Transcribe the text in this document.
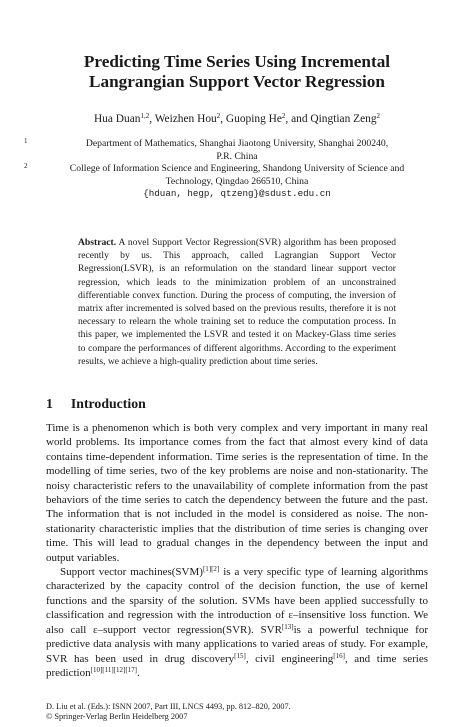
Predicting Time Series Using Incremental
Langrangian Support Vector Regression
Hua Duan$^{1,2}$, Weizhen Hou$^2$, Guoping He$^2$, and Qingtian Zeng$^2$
1	Department of Mathematics, Shanghai Jiaotong University, Shanghai 200240,
P.R. China
2	College of Information Science and Engineering, Shandong University of Science and
Technology, Qingdao 266510, China
{hduan, hegp, qtzeng}@sdust.edu.cn
Abstract. A novel Support Vector Regression(SVR) algorithm has been proposed recently by us. This approach, called Lagrangian Support Vector Regression(LSVR), is an reformulation on the standard linear support vector regression, which leads to the minimization problem of an unconstrained differentiable convex function. During the process of computing, the inversion of matrix after incremented is solved based on the previous results, therefore it is not necessary to relearn the whole training set to reduce the computation process. In this paper, we implemented the LSVR and tested it on Mackey-Glass time series to compare the performances of different algorithms. According to the experiment results, we achieve a high-quality prediction about time series.
1 Introduction

Time is a phenomenon which is both very complex and very important in many real world problems. Its importance comes from the fact that almost every kind of data contains time-dependent information. Time series is the representation of time. In the modelling of time series, two of the key problems are noise and non-stationarity. The noisy characteristic refers to the unavailability of complete information from the past behaviors of the time series to catch the dependency between the future and the past. The information that is not included in the model is considered as noise. The non-stationarity characteristic implies that the distribution of time series is changing over time. This will lead to gradual changes in the dependency between the input and output variables.

Support vector machines(SVM)[1][2] is a very specific type of learning algorithms characterized by the capacity control of the decision function, the use of kernel functions and the sparsity of the solution. SVMs have been applied successfully to classification and regression with the introduction of ε–insensitive loss function. We also call ε–support vector regression(SVR). SVR[13]is a powerful technique for predictive data analysis with many applications to varied areas of study. For example, SVR has been used in drug discovery[15], civil engineering[16], and time series prediction[10][11][12][17].

D. Liu et al. (Eds.): ISNN 2007, Part III, LNCS 4493, pp. 812–820, 2007.
© Springer-Verlag Berlin Heidelberg 2007
